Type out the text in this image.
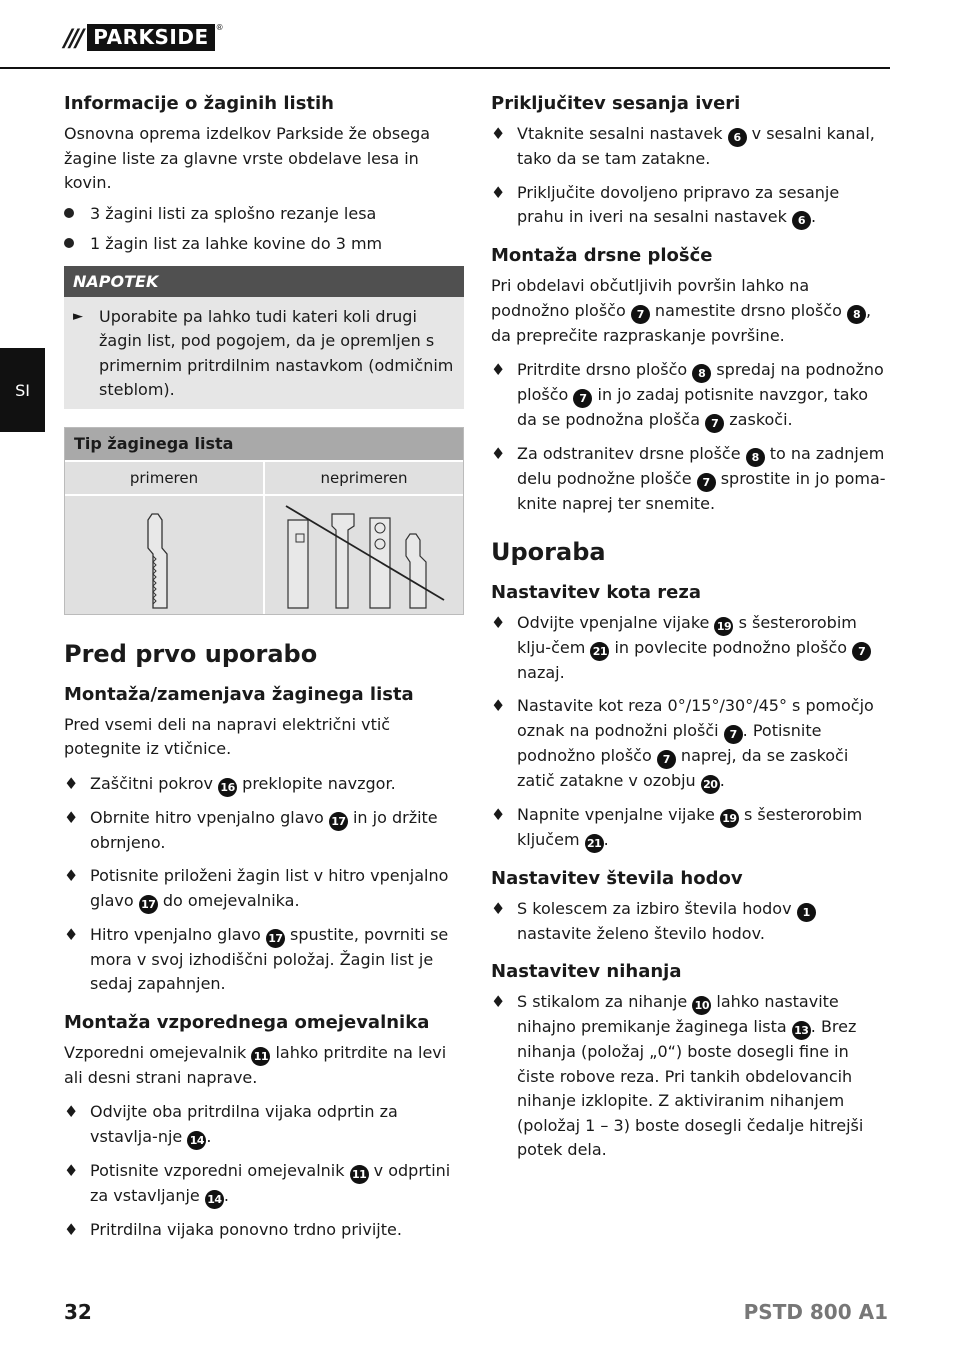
/// PARKSIDE ®
SI
Informacije o žaginih listih

Osnovna oprema izdelkov Parkside že obsega žagine liste za glavne vrste obdelave lesa in kovin.

3 žagini listi za splošno rezanje lesa
1 žagin list za lahke kovine do 3 mm
NAPOTEK
► Uporabite pa lahko tudi kateri koli drugi žagin list, pod pogojem, da je opremljen s primernim pritrdilnim nastavkom (odmičnim steblom).
Tip žaginega lista
primeren	neprimeren
Pred prvo uporabo
Montaža/zamenjava žaginega lista

Pred vsemi deli na napravi električni vtič potegnite iz vtičnice.

♦ Zaščitni pokrov 16 preklopite navzgor.
♦ Obrnite hitro vpenjalno glavo 17 in jo držite obrnjeno.
♦ Potisnite priloženi žagin list v hitro vpenjalno glavo 17 do omejevalnika.
♦ Hitro vpenjalno glavo 17 spustite, povrniti se mora v svoj izhodiščni položaj. Žagin list je sedaj zapahnjen.
Montaža vzporednega omejevalnika

Vzporedni omejevalnik 11 lahko pritrdite na levi ali desni strani naprave.

♦ Odvijte oba pritrdilna vijaka odprtin za vstavlja-nje 14 .
♦ Potisnite vzporedni omejevalnik 11 v odprtini za vstavljanje 14 .
♦ Pritrdilna vijaka ponovno trdno privijte.
Priključitev sesanja iveri
♦ Vtaknite sesalni nastavek 6 v sesalni kanal, tako da se tam zatakne.
♦ Priključite dovoljeno pripravo za sesanje prahu in iveri na sesalni nastavek 6 .
Montaža drsne plošče

Pri obdelavi občutljivih površin lahko na podnožno ploščo 7 namestite drsno ploščo 8 , da preprečite razpraskanje površine.

♦ Pritrdite drsno ploščo 8 spredaj na podnožno ploščo 7 in jo zadaj potisnite navzgor, tako da se podnožna plošča 7 zaskoči.
♦ Za odstranitev drsne plošče 8 to na zadnjem delu podnožne plošče 7 sprostite in jo poma-knite naprej ter snemite.
Uporaba
Nastavitev kota reza
♦ Odvijte vpenjalne vijake 19 s šesterorobim klju-čem 21 in povlecite podnožno ploščo 7 nazaj.
♦ Nastavite kot reza 0°/15°/30°/45° s pomočjo oznak na podnožni plošči 7 . Potisnite podnožno ploščo 7 naprej, da se zaskoči zatič zatakne v ozobju 20 .
♦ Napnite vpenjalne vijake 19 s šesterorobim ključem 21 .
Nastavitev števila hodov
♦ S kolescem za izbiro števila hodov 1 nastavite želeno število hodov.
Nastavitev nihanja
♦ S stikalom za nihanje 10 lahko nastavite nihajno premikanje žaginega lista 13 . Brez nihanja (položaj „0“) boste dosegli fine in čiste robove reza. Pri tankih obdelovancih nihanje izklopite. Z aktiviranim nihanjem (položaj 1 – 3) boste dosegli čedalje hitrejši potek dela.
32	PSTD 800 A1
